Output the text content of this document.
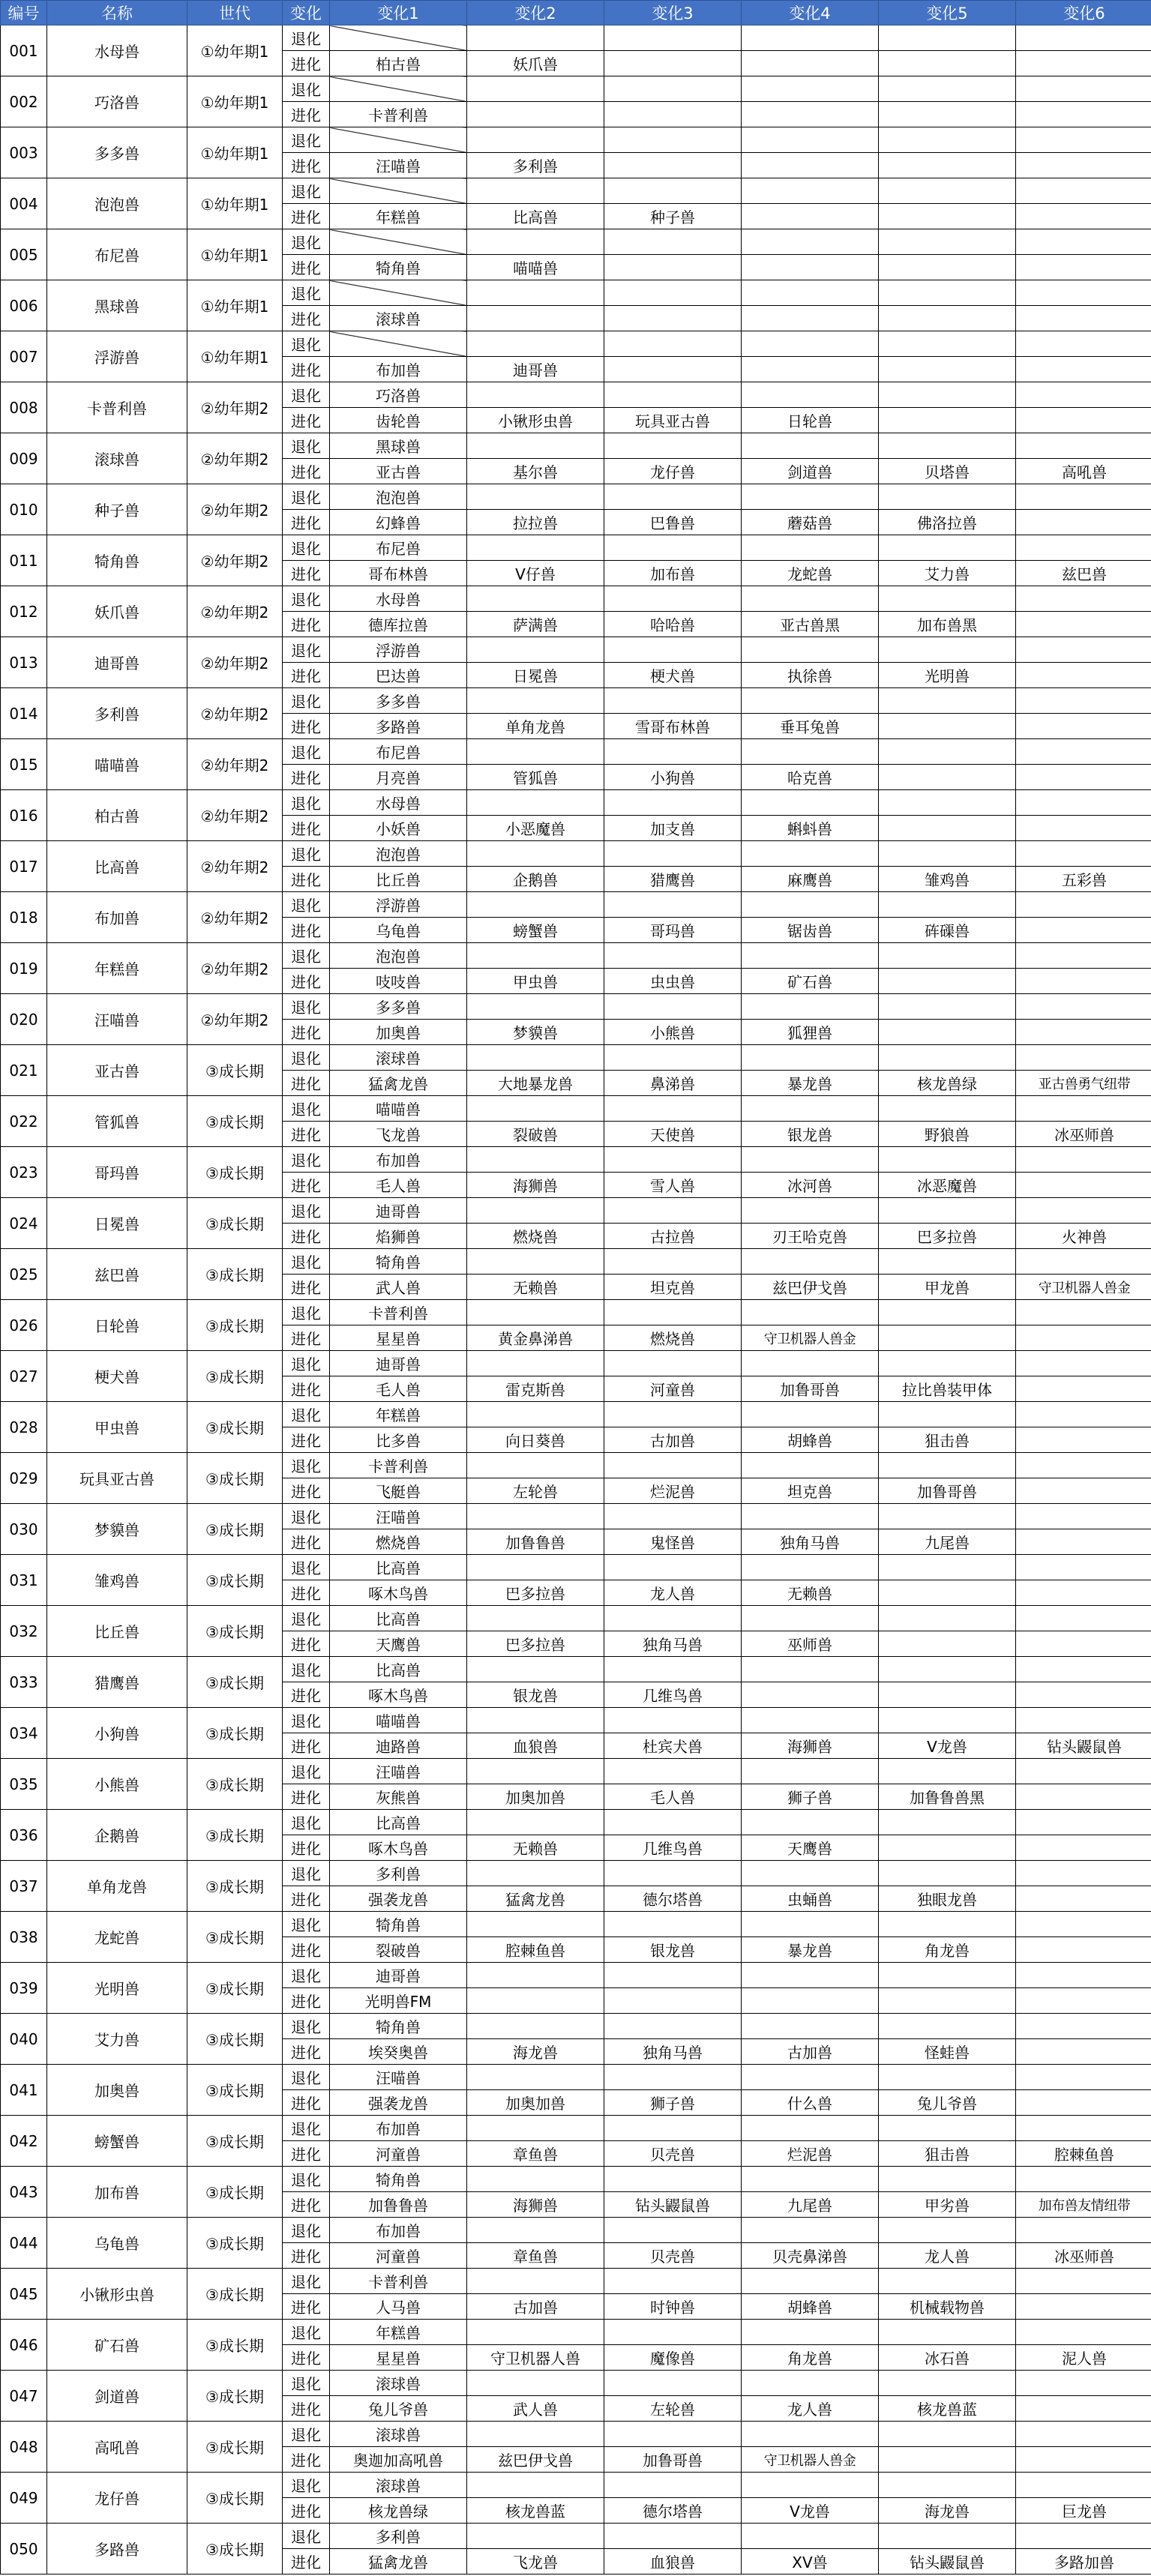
编号	名称	世代	变化	变化1	变化2	变化3	变化4	变化5	变化6
001	水母兽	①幼年期1	退化						
			进化	柏古兽	妖爪兽				
002	巧洛兽	①幼年期1	退化						
			进化	卡普利兽					
003	多多兽	①幼年期1	退化						
			进化	汪喵兽	多利兽				
004	泡泡兽	①幼年期1	退化						
			进化	年糕兽	比高兽	种子兽			
005	布尼兽	①幼年期1	退化						
			进化	犄角兽	喵喵兽				
006	黑球兽	①幼年期1	退化						
			进化	滚球兽					
007	浮游兽	①幼年期1	退化						
			进化	布加兽	迪哥兽				
008	卡普利兽	②幼年期2	退化	巧洛兽					
			进化	齿轮兽	小锹形虫兽	玩具亚古兽	日轮兽		
009	滚球兽	②幼年期2	退化	黑球兽					
			进化	亚古兽	基尔兽	龙仔兽	剑道兽	贝塔兽	高吼兽
010	种子兽	②幼年期2	退化	泡泡兽					
			进化	幻蜂兽	拉拉兽	巴鲁兽	蘑菇兽	佛洛拉兽	
011	犄角兽	②幼年期2	退化	布尼兽					
			进化	哥布林兽	V仔兽	加布兽	龙蛇兽	艾力兽	兹巴兽
012	妖爪兽	②幼年期2	退化	水母兽					
			进化	德库拉兽	萨满兽	哈哈兽	亚古兽黑	加布兽黑	
013	迪哥兽	②幼年期2	退化	浮游兽					
			进化	巴达兽	日冕兽	梗犬兽	执徐兽	光明兽	
014	多利兽	②幼年期2	退化	多多兽					
			进化	多路兽	单角龙兽	雪哥布林兽	垂耳兔兽		
015	喵喵兽	②幼年期2	退化	布尼兽					
			进化	月亮兽	管狐兽	小狗兽	哈克兽		
016	柏古兽	②幼年期2	退化	水母兽					
			进化	小妖兽	小恶魔兽	加支兽	蝌蚪兽		
017	比高兽	②幼年期2	退化	泡泡兽					
			进化	比丘兽	企鹅兽	猎鹰兽	麻鹰兽	雏鸡兽	五彩兽
018	布加兽	②幼年期2	退化	浮游兽					
			进化	乌龟兽	螃蟹兽	哥玛兽	锯齿兽	砗磲兽	
019	年糕兽	②幼年期2	退化	泡泡兽					
			进化	吱吱兽	甲虫兽	虫虫兽	矿石兽		
020	汪喵兽	②幼年期2	退化	多多兽					
			进化	加奥兽	梦貘兽	小熊兽	狐狸兽		
021	亚古兽	③成长期	退化	滚球兽					
			进化	猛禽龙兽	大地暴龙兽	鼻涕兽	暴龙兽	核龙兽绿	亚古兽勇气纽带
022	管狐兽	③成长期	退化	喵喵兽					
			进化	飞龙兽	裂破兽	天使兽	银龙兽	野狼兽	冰巫师兽
023	哥玛兽	③成长期	退化	布加兽					
			进化	毛人兽	海狮兽	雪人兽	冰河兽	冰恶魔兽	
024	日冕兽	③成长期	退化	迪哥兽					
			进化	焰狮兽	燃烧兽	古拉兽	刃王哈克兽	巴多拉兽	火神兽
025	兹巴兽	③成长期	退化	犄角兽					
			进化	武人兽	无赖兽	坦克兽	兹巴伊戈兽	甲龙兽	守卫机器人兽金
026	日轮兽	③成长期	退化	卡普利兽					
			进化	星星兽	黄金鼻涕兽	燃烧兽	守卫机器人兽金		
027	梗犬兽	③成长期	退化	迪哥兽					
			进化	毛人兽	雷克斯兽	河童兽	加鲁哥兽	拉比兽装甲体	
028	甲虫兽	③成长期	退化	年糕兽					
			进化	比多兽	向日葵兽	古加兽	胡蜂兽	狙击兽	
029	玩具亚古兽	③成长期	退化	卡普利兽					
			进化	飞艇兽	左轮兽	烂泥兽	坦克兽	加鲁哥兽	
030	梦貘兽	③成长期	退化	汪喵兽					
			进化	燃烧兽	加鲁鲁兽	鬼怪兽	独角马兽	九尾兽	
031	雏鸡兽	③成长期	退化	比高兽					
			进化	啄木鸟兽	巴多拉兽	龙人兽	无赖兽		
032	比丘兽	③成长期	退化	比高兽					
			进化	天鹰兽	巴多拉兽	独角马兽	巫师兽		
033	猎鹰兽	③成长期	退化	比高兽					
			进化	啄木鸟兽	银龙兽	几维鸟兽			
034	小狗兽	③成长期	退化	喵喵兽					
			进化	迪路兽	血狼兽	杜宾犬兽	海狮兽	V龙兽	钻头鼹鼠兽
035	小熊兽	③成长期	退化	汪喵兽					
			进化	灰熊兽	加奥加兽	毛人兽	狮子兽	加鲁鲁兽黑	
036	企鹅兽	③成长期	退化	比高兽					
			进化	啄木鸟兽	无赖兽	几维鸟兽	天鹰兽		
037	单角龙兽	③成长期	退化	多利兽					
			进化	强袭龙兽	猛禽龙兽	德尔塔兽	虫蛹兽	独眼龙兽	
038	龙蛇兽	③成长期	退化	犄角兽					
			进化	裂破兽	腔棘鱼兽	银龙兽	暴龙兽	角龙兽	
039	光明兽	③成长期	退化	迪哥兽					
			进化	光明兽FM					
040	艾力兽	③成长期	退化	犄角兽					
			进化	埃癸奥兽	海龙兽	独角马兽	古加兽	怪蛙兽	
041	加奥兽	③成长期	退化	汪喵兽					
			进化	强袭龙兽	加奥加兽	狮子兽	什么兽	兔儿爷兽	
042	螃蟹兽	③成长期	退化	布加兽					
			进化	河童兽	章鱼兽	贝壳兽	烂泥兽	狙击兽	腔棘鱼兽
043	加布兽	③成长期	退化	犄角兽					
			进化	加鲁鲁兽	海狮兽	钻头鼹鼠兽	九尾兽	甲劣兽	加布兽友情纽带
044	乌龟兽	③成长期	退化	布加兽					
			进化	河童兽	章鱼兽	贝壳兽	贝壳鼻涕兽	龙人兽	冰巫师兽
045	小锹形虫兽	③成长期	退化	卡普利兽					
			进化	人马兽	古加兽	时钟兽	胡蜂兽	机械载物兽	
046	矿石兽	③成长期	退化	年糕兽					
			进化	星星兽	守卫机器人兽	魔像兽	角龙兽	冰石兽	泥人兽
047	剑道兽	③成长期	退化	滚球兽					
			进化	兔儿爷兽	武人兽	左轮兽	龙人兽	核龙兽蓝	
048	高吼兽	③成长期	退化	滚球兽					
			进化	奥迦加高吼兽	兹巴伊戈兽	加鲁哥兽	守卫机器人兽金		
049	龙仔兽	③成长期	退化	滚球兽					
			进化	核龙兽绿	核龙兽蓝	德尔塔兽	V龙兽	海龙兽	巨龙兽
050	多路兽	③成长期	退化	多利兽					
			进化	猛禽龙兽	飞龙兽	血狼兽	XV兽	钻头鼹鼠兽	多路加兽
